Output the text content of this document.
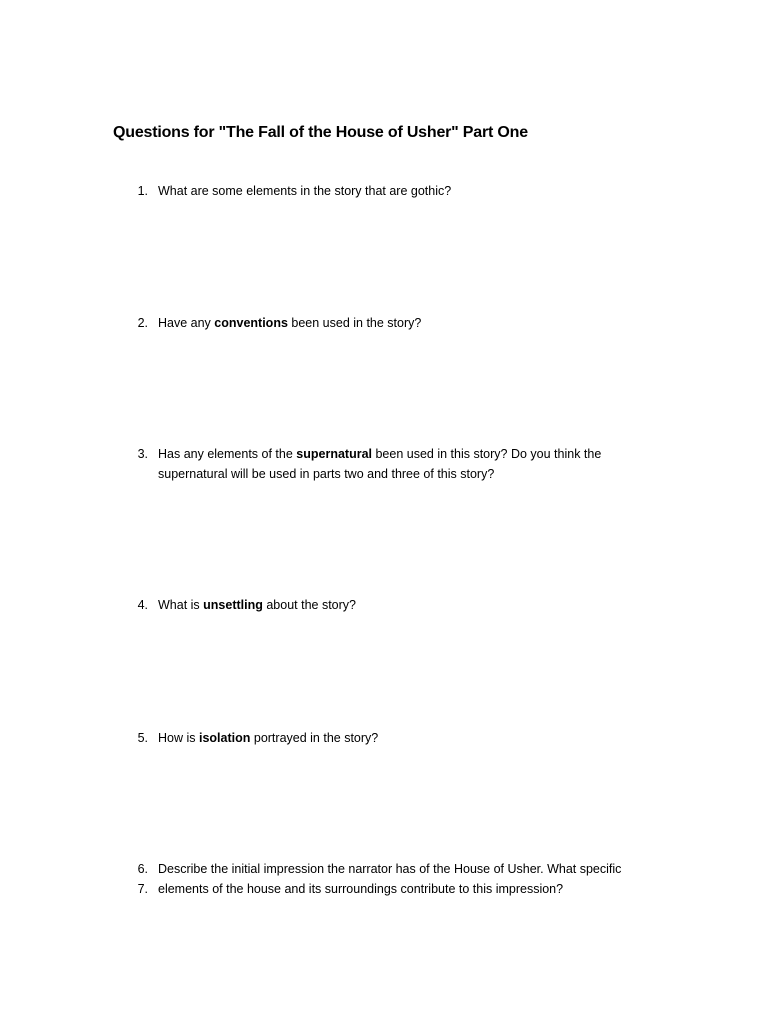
Questions for "The Fall of the House of Usher" Part One
1. What are some elements in the story that are gothic?
2. Have any conventions been used in the story?
3. Has any elements of the supernatural been used in this story? Do you think the
supernatural will be used in parts two and three of this story?
4. What is unsettling about the story?
5. How is isolation portrayed in the story?
6. Describe the initial impression the narrator has of the House of Usher. What specific
7. elements of the house and its surroundings contribute to this impression?
